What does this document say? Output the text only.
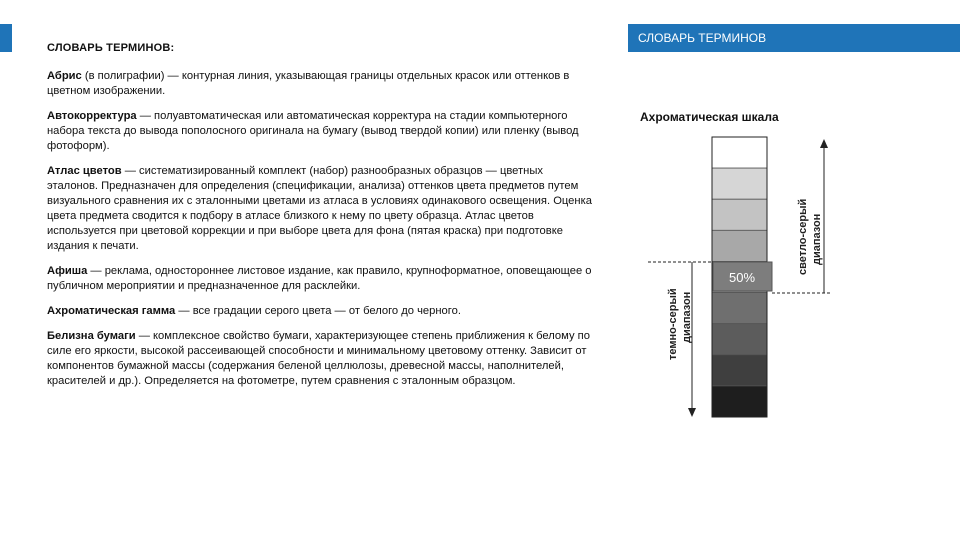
СЛОВАРЬ ТЕРМИНОВ
СЛОВАРЬ ТЕРМИНОВ:

Абрис (в полиграфии) — контурная линия, указывающая границы отдельных красок или оттенков в цветном изображении.

Автокорректура — полуавтоматическая или автоматическая корректура на стадии компьютерного набора текста до вывода пополосного оригинала на бумагу (вывод твердой копии) или пленку (вывод фотоформ).

Атлас цветов — систематизированный комплект (набор) разнообразных образцов — цветных эталонов. Предназначен для определения (спецификации, анализа) оттенков цвета предметов путем визуального сравнения их с эталонными цветами из атласа в условиях одинакового освещения. Оценка цвета предмета сводится к подбору в атласе близкого к нему по цвету образца. Атлас цветов используется при цветовой коррекции и при выборе цвета для фона (пятая краска) при подготовке издания к печати.

Афиша — реклама, одностороннее листовое издание, как правило, крупноформатное, оповещающее о публичном мероприятии и предназначенное для расклейки.

Ахроматическая гамма — все градации серого цвета — от белого до черного.

Белизна бумаги — комплексное свойство бумаги, характеризующее степень приближения к белому по силе его яркости, высокой рассеивающей способности и минимальному цветовому оттенку. Зависит от компонентов бумажной массы (содержания беленой целлюлозы, древесной массы, наполнителей, красителей и др.). Определяется на фотометре, путем сравнения с эталонным образцом.

Ахроматическая шкала
50%
светло-серый диапазон
темно-серый диапазон
